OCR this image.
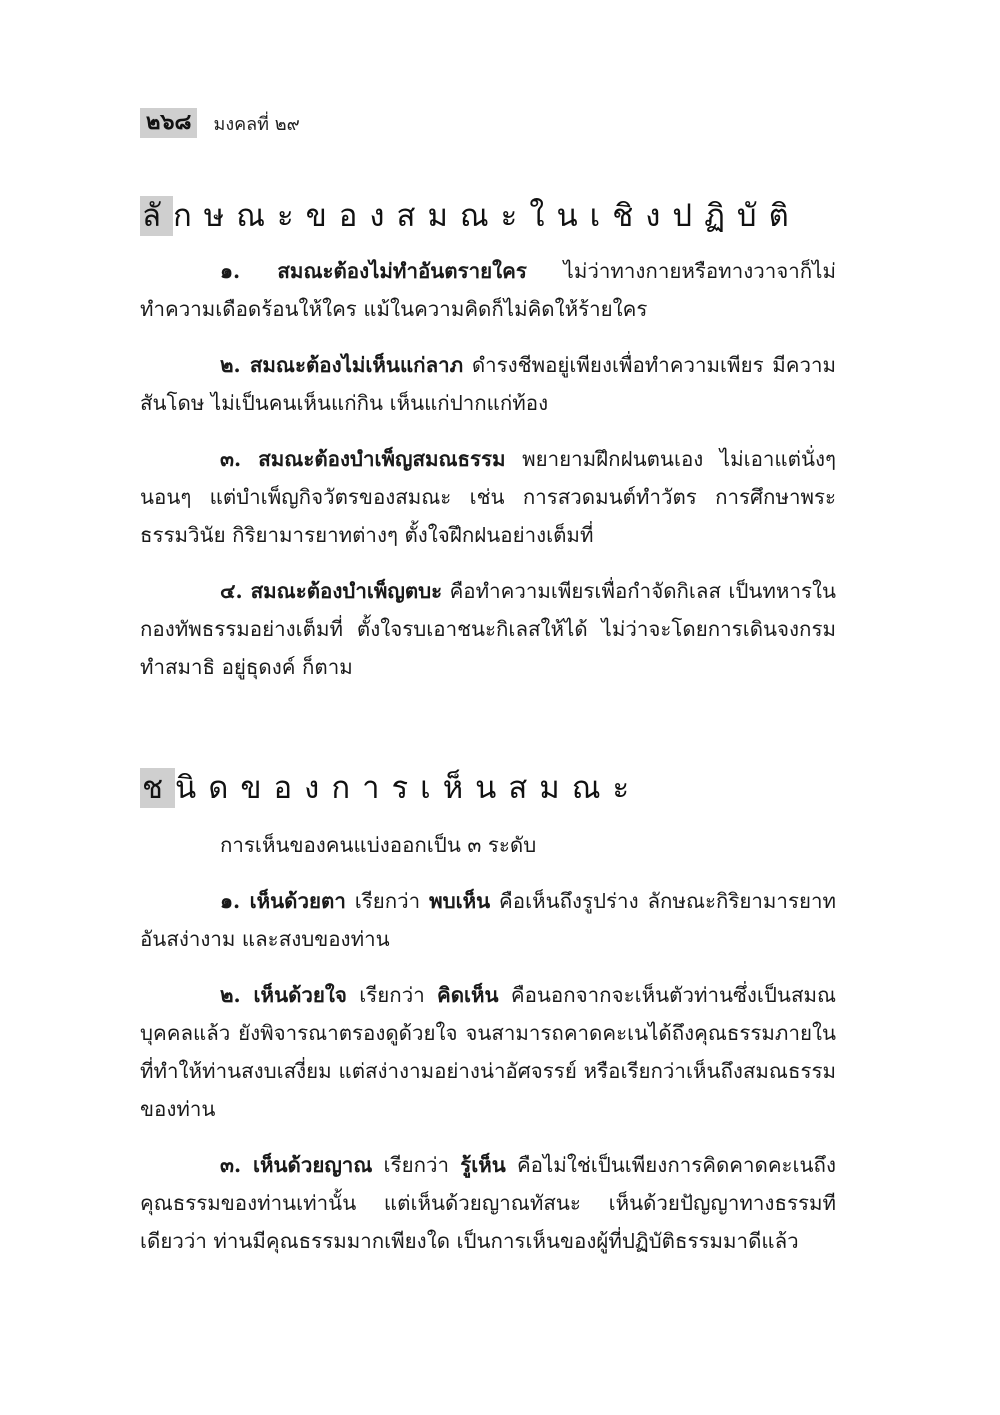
๒๖๘	มงคลที่ ๒๙
ลั กษณะของสมณะในเชิงปฏิบัติ

๑. สมณะต้องไม่ทำอันตรายใคร ไม่ว่าทางกายหรือทางวาจาก็ไม่ทำความเดือดร้อนให้ใคร แม้ในความคิดก็ไม่คิดให้ร้ายใคร

๒. สมณะต้องไม่เห็นแก่ลาภ ดำรงชีพอยู่เพียงเพื่อทำความเพียร มีความสันโดษ ไม่เป็นคนเห็นแก่กิน เห็นแก่ปากแก่ท้อง

๓. สมณะต้องบำเพ็ญสมณธรรม พยายามฝึกฝนตนเอง ไม่เอาแต่นั่งๆ นอนๆ แต่บำเพ็ญกิจวัตรของสมณะ เช่น การสวดมนต์ทำวัตร การศึกษาพระธรรมวินัย กิริยามารยาทต่างๆ ตั้งใจฝึกฝนอย่างเต็มที่

๔. สมณะต้องบำเพ็ญตบะ คือทำความเพียรเพื่อกำจัดกิเลส เป็นทหารในกองทัพธรรมอย่างเต็มที่ ตั้งใจรบเอาชนะกิเลสให้ได้ ไม่ว่าจะโดยการเดินจงกรม ทำสมาธิ อยู่ธุดงค์ ก็ตาม

ช นิดของการเห็นสมณะ

การเห็นของคนแบ่งออกเป็น ๓ ระดับ

๑. เห็นด้วยตา เรียกว่า พบเห็น คือเห็นถึงรูปร่าง ลักษณะกิริยามารยาทอันสง่างาม และสงบของท่าน

๒. เห็นด้วยใจ เรียกว่า คิดเห็น คือนอกจากจะเห็นตัวท่านซึ่งเป็นสมณบุคคลแล้ว ยังพิจารณาตรองดูด้วยใจ จนสามารถคาดคะเนได้ถึงคุณธรรมภายใน ที่ทำให้ท่านสงบเสงี่ยม แต่สง่างามอย่างน่าอัศจรรย์ หรือเรียกว่าเห็นถึงสมณธรรมของท่าน

๓. เห็นด้วยญาณ เรียกว่า รู้เห็น คือไม่ใช่เป็นเพียงการคิดคาดคะเนถึงคุณธรรมของท่านเท่านั้น แต่เห็นด้วยญาณทัสนะ เห็นด้วยปัญญาทางธรรมทีเดียวว่า ท่านมีคุณธรรมมากเพียงใด เป็นการเห็นของผู้ที่ปฏิบัติธรรมมาดีแล้ว
